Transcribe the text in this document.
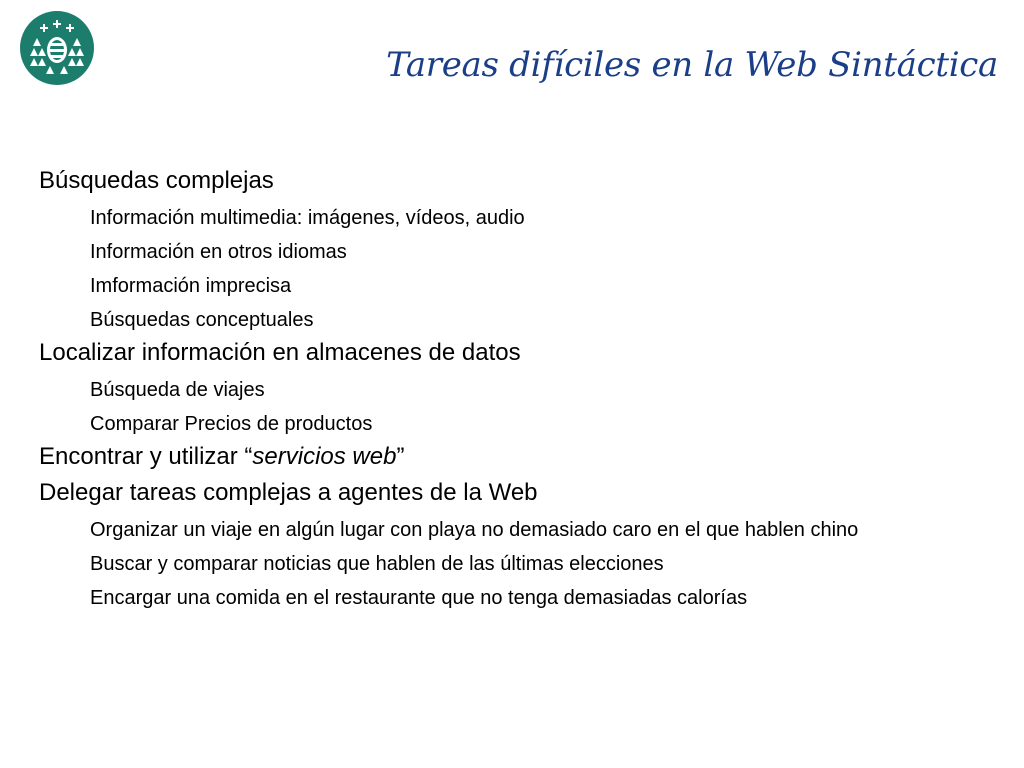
Tareas difíciles en la Web Sintáctica

Búsquedas complejas

Información multimedia: imágenes, vídeos, audio

Información en otros idiomas

Imformación imprecisa

Búsquedas conceptuales

Localizar información en almacenes de datos

Búsqueda de viajes

Comparar Precios de productos

Encontrar y utilizar “servicios web”

Delegar tareas complejas a agentes de la Web

Organizar un viaje en algún lugar con playa no demasiado caro en el que hablen chino

Buscar y comparar noticias que hablen de las últimas elecciones

Encargar una comida en el restaurante que no tenga demasiadas calorías
